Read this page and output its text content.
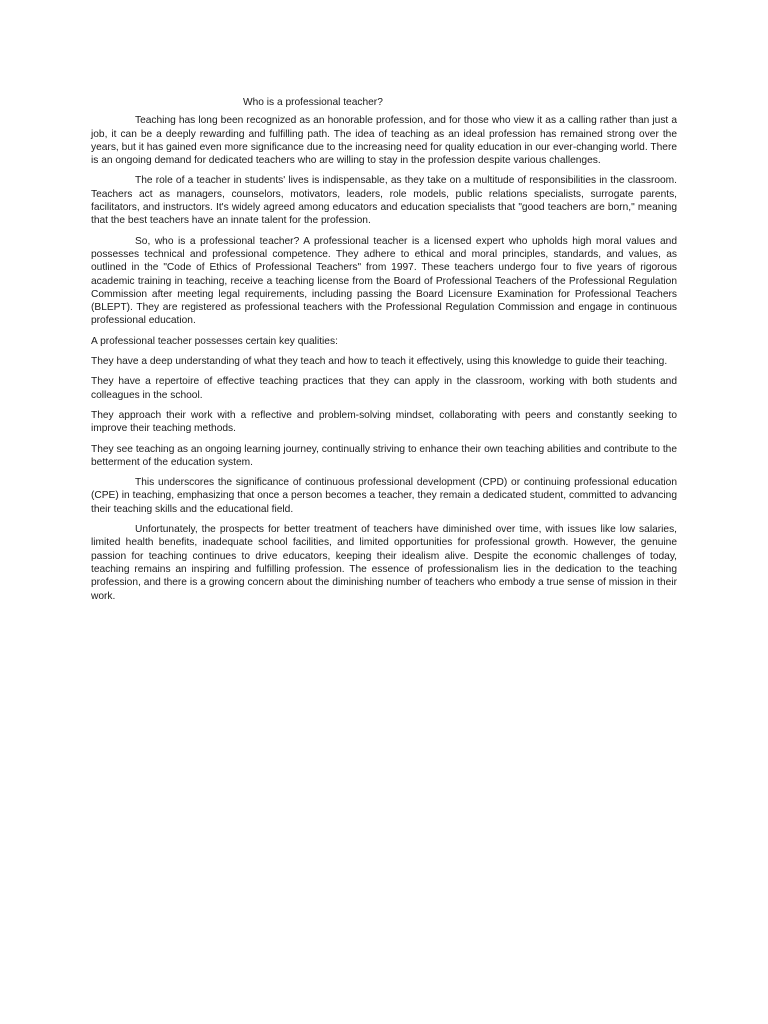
Who is a professional teacher?

Teaching has long been recognized as an honorable profession, and for those who view it as a calling rather than just a job, it can be a deeply rewarding and fulfilling path. The idea of teaching as an ideal profession has remained strong over the years, but it has gained even more significance due to the increasing need for quality education in our ever-changing world. There is an ongoing demand for dedicated teachers who are willing to stay in the profession despite various challenges.

The role of a teacher in students' lives is indispensable, as they take on a multitude of responsibilities in the classroom. Teachers act as managers, counselors, motivators, leaders, role models, public relations specialists, surrogate parents, facilitators, and instructors. It's widely agreed among educators and education specialists that "good teachers are born," meaning that the best teachers have an innate talent for the profession.

So, who is a professional teacher? A professional teacher is a licensed expert who upholds high moral values and possesses technical and professional competence. They adhere to ethical and moral principles, standards, and values, as outlined in the "Code of Ethics of Professional Teachers" from 1997. These teachers undergo four to five years of rigorous academic training in teaching, receive a teaching license from the Board of Professional Teachers of the Professional Regulation Commission after meeting legal requirements, including passing the Board Licensure Examination for Professional Teachers (BLEPT). They are registered as professional teachers with the Professional Regulation Commission and engage in continuous professional education.

A professional teacher possesses certain key qualities:

They have a deep understanding of what they teach and how to teach it effectively, using this knowledge to guide their teaching.

They have a repertoire of effective teaching practices that they can apply in the classroom, working with both students and colleagues in the school.

They approach their work with a reflective and problem-solving mindset, collaborating with peers and constantly seeking to improve their teaching methods.

They see teaching as an ongoing learning journey, continually striving to enhance their own teaching abilities and contribute to the betterment of the education system.

This underscores the significance of continuous professional development (CPD) or continuing professional education (CPE) in teaching, emphasizing that once a person becomes a teacher, they remain a dedicated student, committed to advancing their teaching skills and the educational field.

Unfortunately, the prospects for better treatment of teachers have diminished over time, with issues like low salaries, limited health benefits, inadequate school facilities, and limited opportunities for professional growth. However, the genuine passion for teaching continues to drive educators, keeping their idealism alive. Despite the economic challenges of today, teaching remains an inspiring and fulfilling profession. The essence of professionalism lies in the dedication to the teaching profession, and there is a growing concern about the diminishing number of teachers who embody a true sense of mission in their work.
